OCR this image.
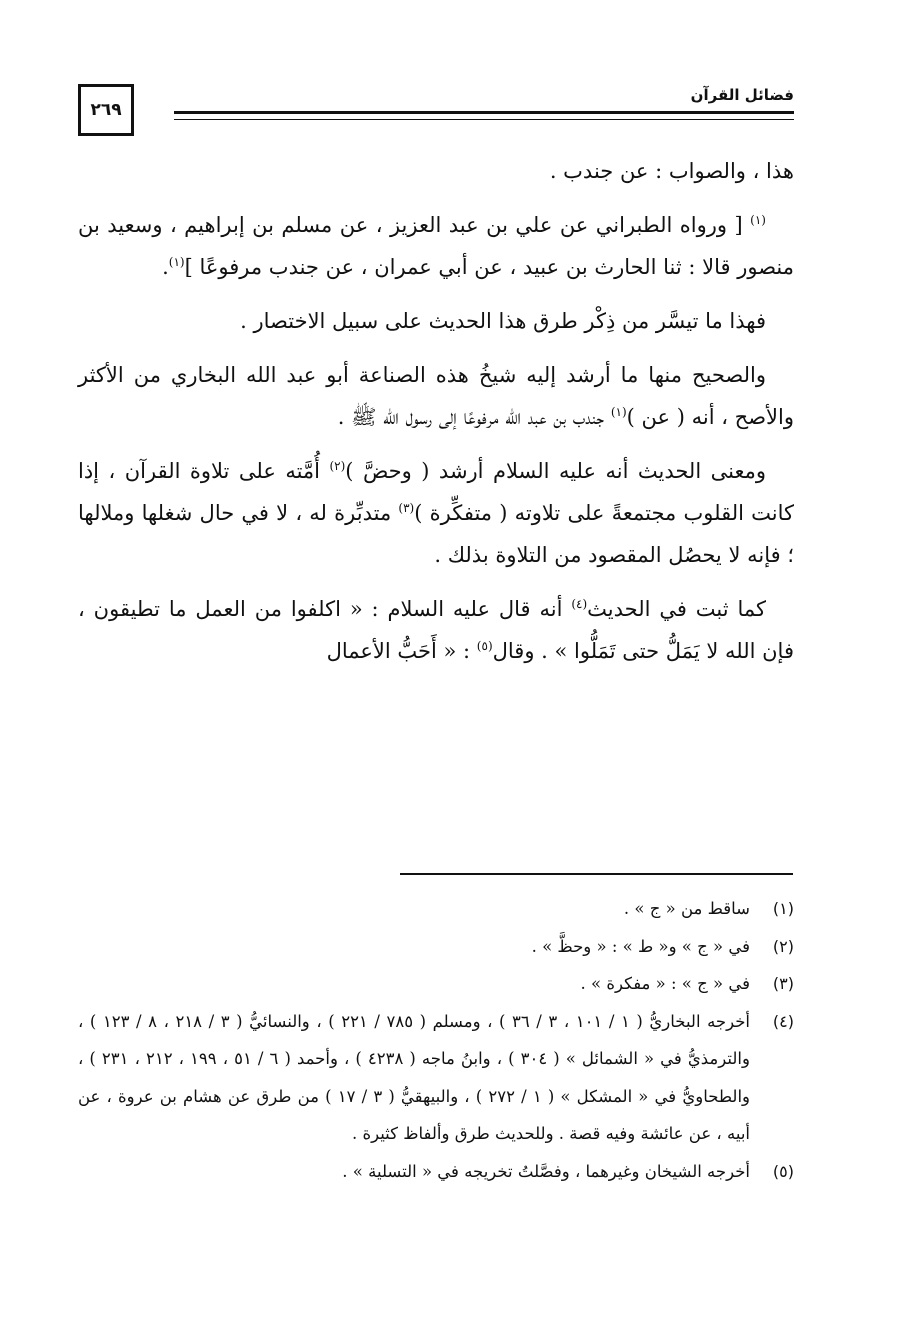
فضائل القرآن
٢٦٩

هذا ، والصواب : عن جندب .

$^{(١)}$ [ ورواه الطبراني عن علي بن عبد العزيز ، عن مسلم بن إبراهيم ، وسعيد بن منصور قالا : ثنا الحارث بن عبيد ، عن أبي عمران ، عن جندب مرفوعًا ]$^{(١)}$.

فهذا ما تيسَّر من ذِكْر طرق هذا الحديث على سبيل الاختصار .

والصحيح منها ما أرشد إليه شيخُ هذه الصناعة أبو عبد الله البخاري من الأكثر والأصح ، أنه ( عن )$^{(١)}$ جندب بن عبد الله مرفوعًا إلى رسول الله ﷺ .

ومعنى الحديث أنه عليه السلام أرشد ( وحضَّ )$^{(٢)}$ أُمَّته على تلاوة القرآن ، إذا كانت القلوب مجتمعةً على تلاوته ( متفكِّرة )$^{(٣)}$ متدبِّرة له ، لا في حال شغلها وملالها ؛ فإنه لا يحصُل المقصود من التلاوة بذلك .

كما ثبت في الحديث$^{(٤)}$ أنه قال عليه السلام : « اكلفوا من العمل ما تطيقون ، فإن الله لا يَمَلُّ حتى تَمَلُّوا » . وقال$^{(٥)}$ : « أَحَبُّ الأعمال

(١)
ساقط من « ج » .
(٢)
في « ج » و« ط » : « وحظَّ » .
(٣)
في « ج » : « مفكرة » .
(٤)
أخرجه البخاريُّ ( ١ / ١٠١ ، ٣ / ٣٦ ) ، ومسلم ( ٧٨٥ / ٢٢١ ) ، والنسائيُّ ( ٣ / ٢١٨ ، ٨ / ١٢٣ ) ، والترمذيُّ في « الشمائل » ( ٣٠٤ ) ، وابنُ ماجه ( ٤٢٣٨ ) ، وأحمد ( ٦ / ٥١ ، ١٩٩ ، ٢١٢ ، ٢٣١ ) ، والطحاويُّ في « المشكل » ( ١ / ٢٧٢ ) ، والبيهقيُّ ( ٣ / ١٧ ) من طرق عن هشام بن عروة ، عن أبيه ، عن عائشة وفيه قصة . وللحديث طرق وألفاظ كثيرة .
(٥)
أخرجه الشيخان وغيرهما ، وفصَّلتُ تخريجه في « التسلية » .
